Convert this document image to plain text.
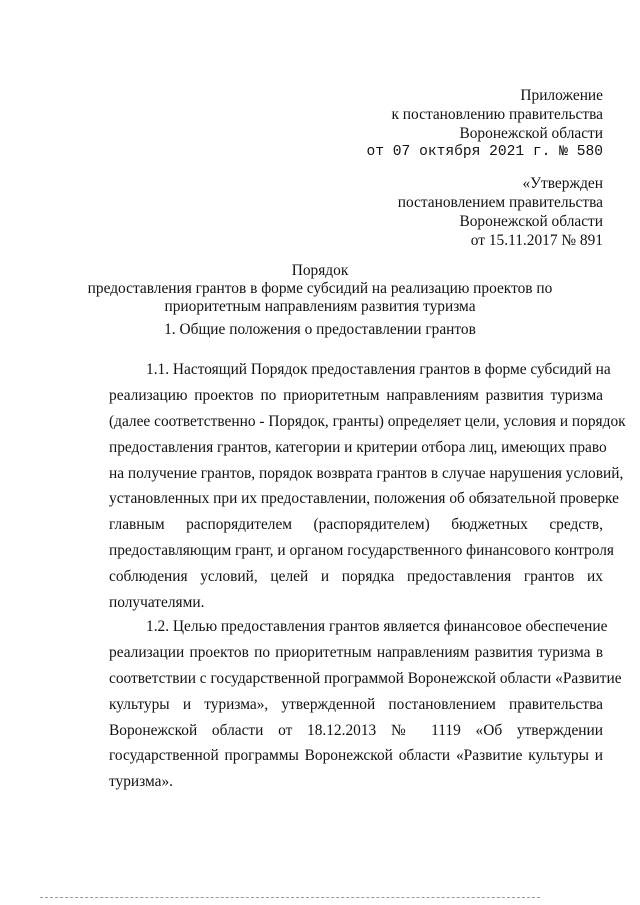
Приложение
к постановлению правительства
Воронежской области
от 07 октября 2021 г. № 580
«Утвержден
постановлением правительства
Воронежской области
от 15.11.2017 № 891
Порядок
предоставления грантов в форме субсидий на реализацию проектов по
приоритетным направлениям развития туризма
1. Общие положения о предоставлении грантов
1.1. Настоящий Порядок предоставления грантов в форме субсидий на
реализацию проектов по приоритетным направлениям развития туризма
(далее соответственно - Порядок, гранты) определяет цели, условия и порядок
предоставления грантов, категории и критерии отбора лиц, имеющих право
на получение грантов, порядок возврата грантов в случае нарушения условий,
установленных при их предоставлении, положения об обязательной проверке
главным распорядителем (распорядителем) бюджетных средств,
предоставляющим грант, и органом государственного финансового контроля
соблюдения условий, целей и порядка предоставления грантов их
получателями.
1.2. Целью предоставления грантов является финансовое обеспечение
реализации проектов по приоритетным направлениям развития туризма в
соответствии с государственной программой Воронежской области «Развитие
культуры и туризма», утвержденной постановлением правительства
Воронежской области от 18.12.2013 № 1119 «Об утверждении
государственной программы Воронежской области «Развитие культуры и
туризма».
